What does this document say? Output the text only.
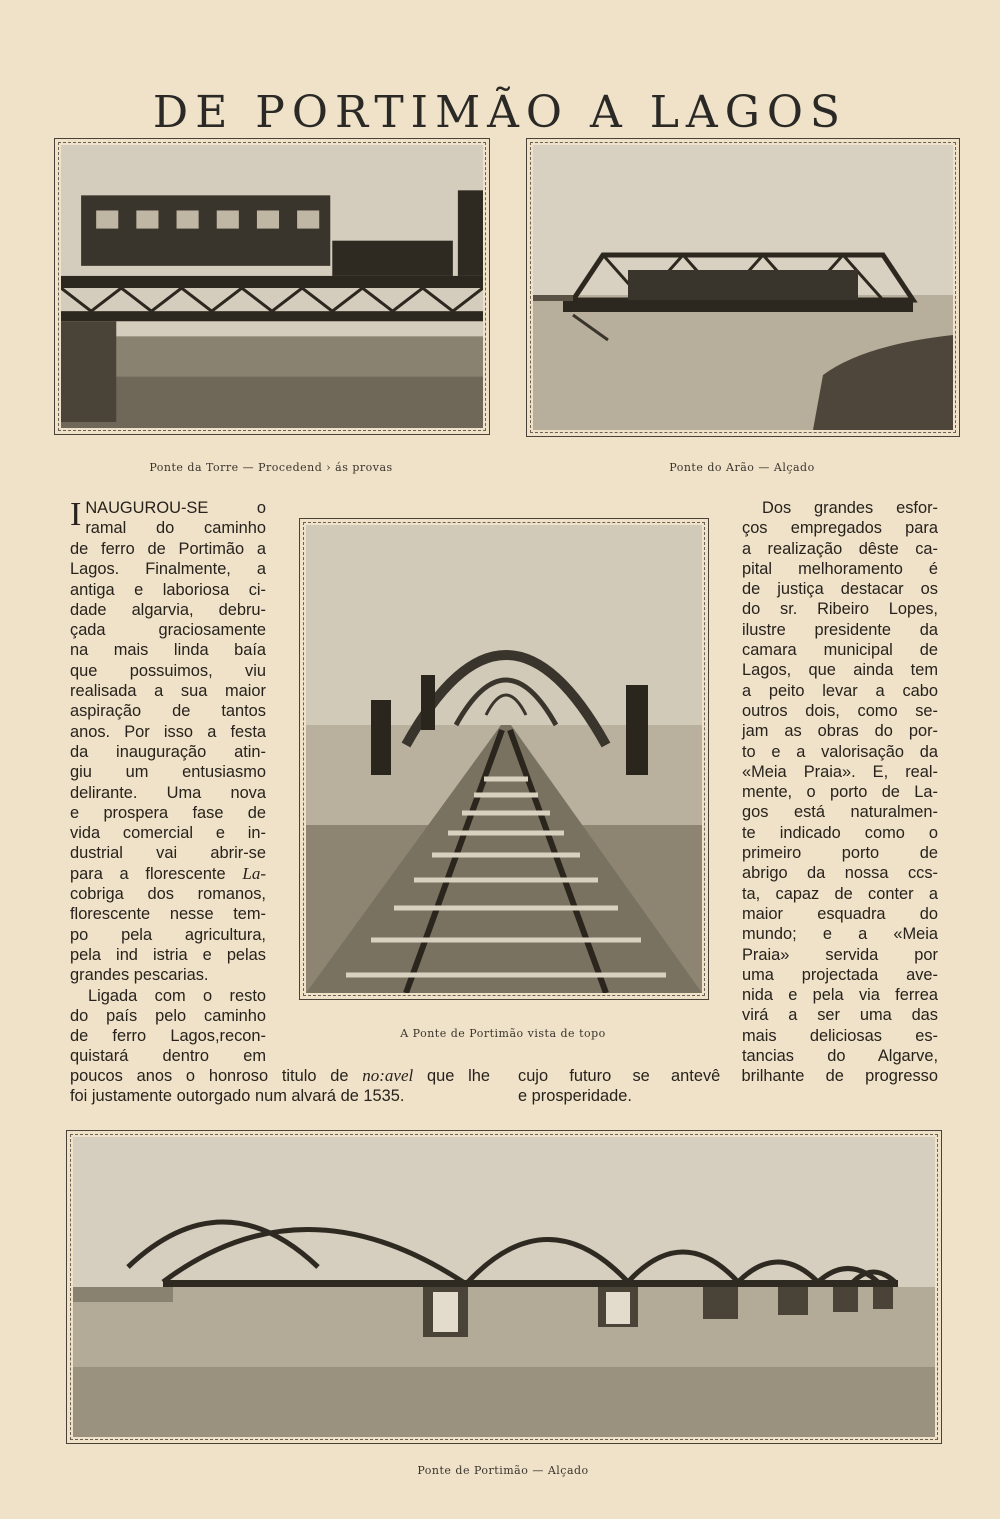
DE PORTIMÃO A LAGOS
Ponte da Torre — Procedend › ás provas	Ponte do Arão — Alçado
A Ponte de Portimão vista de topo
I NAUGUROU-SE o
ramal do caminho
de ferro de Portimão a
Lagos. Finalmente, a
antiga e laboriosa ci-
dade algarvia, debru-
çada graciosamente
na mais linda baía
que possuimos, viu
realisada a sua maior
aspiração de tantos
anos. Por isso a festa
da inauguração atin-
giu um entusiasmo
delirante. Uma nova
e prospera fase de
vida comercial e in-
dustrial vai abrir-se
para a florescente La-
cobriga dos romanos,
florescente nesse tem-
po pela agricultura,
pela ind istria e pelas
grandes pescarias.
Ligada com o resto
do país pelo caminho
de ferro Lagos,recon-
quistará dentro em
poucos anos o honroso titulo de no:avel que lhe
foi justamente outorgado num alvará de 1535.
Dos grandes esfor-
ços empregados para
a realização dêste ca-
pital melhoramento é
de justiça destacar os
do sr. Ribeiro Lopes,
ilustre presidente da
camara municipal de
Lagos, que ainda tem
a peito levar a cabo
outros dois, como se-
jam as obras do por-
to e a valorisação da
«Meia Praia». E, real-
mente, o porto de La-
gos está naturalmen-
te indicado como o
primeiro porto de
abrigo da nossa ccs-
ta, capaz de conter a
maior esquadra do
mundo; e a «Meia
Praia» servida por
uma projectada ave-
nida e pela via ferrea
virá a ser uma das
mais deliciosas es-
tancias do Algarve,
cujo futuro se antevê brilhante de progresso
e prosperidade.
Ponte de Portimão — Alçado
